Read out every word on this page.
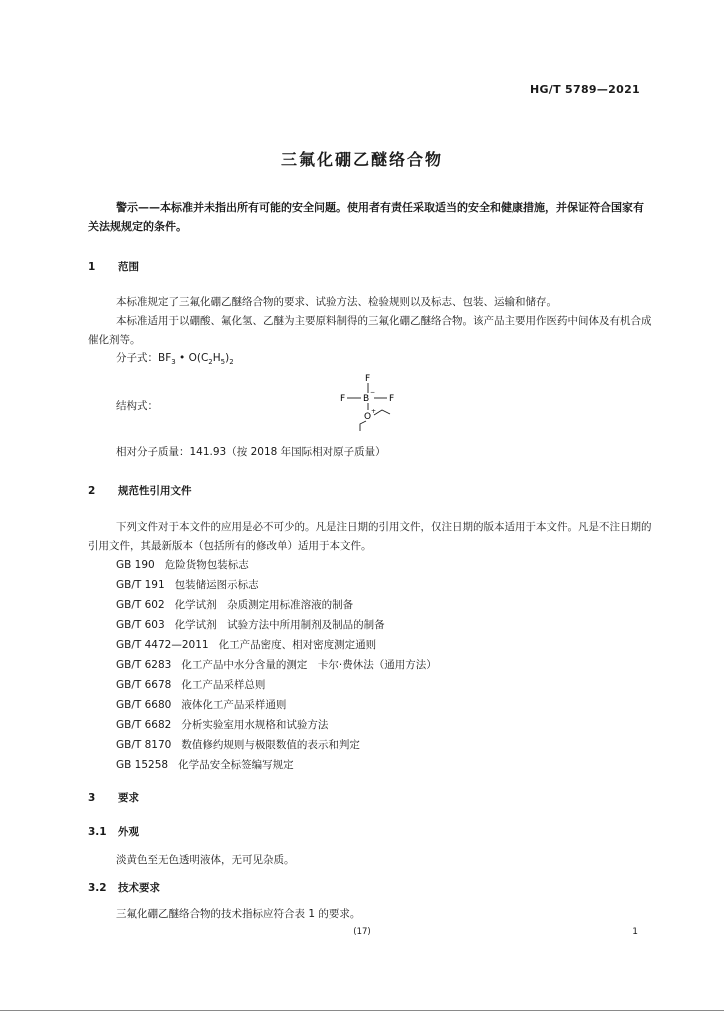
HG/T 5789—2021
三氟化硼乙醚络合物

警示——本标准并未指出所有可能的安全问题。使用者有责任采取适当的安全和健康措施，并保证符合国家有关法规规定的条件。

1 范围

本标准规定了三氟化硼乙醚络合物的要求、试验方法、检验规则以及标志、包装、运输和储存。

本标准适用于以硼酸、氟化氢、乙醚为主要原料制得的三氟化硼乙醚络合物。该产品主要用作医药中间体及有机合成催化剂等。

分子式：$BF_3$ • $O(C_2H_5)_2$
结构式：
F
F B
−
F
O
+
相对分子质量：141.93（按 2018 年国际相对原子质量）
2 规范性引用文件

下列文件对于本文件的应用是必不可少的。凡是注日期的引用文件，仅注日期的版本适用于本文件。凡是不注日期的引用文件，其最新版本（包括所有的修改单）适用于本文件。

GB 190 危险货物包装标志
GB/T 191 包装储运图示标志
GB/T 602 化学试剂　杂质测定用标准溶液的制备
GB/T 603 化学试剂　试验方法中所用制剂及制品的制备
GB/T 4472—2011 化工产品密度、相对密度测定通则
GB/T 6283 化工产品中水分含量的测定　卡尔·费休法（通用方法）
GB/T 6678 化工产品采样总则
GB/T 6680 液体化工产品采样通则
GB/T 6682 分析实验室用水规格和试验方法
GB/T 8170 数值修约规则与极限数值的表示和判定
GB 15258 化学品安全标签编写规定
3 要求
3.1 外观
淡黄色至无色透明液体，无可见杂质。
3.2 技术要求
三氟化硼乙醚络合物的技术指标应符合表 1 的要求。
(17)	1
